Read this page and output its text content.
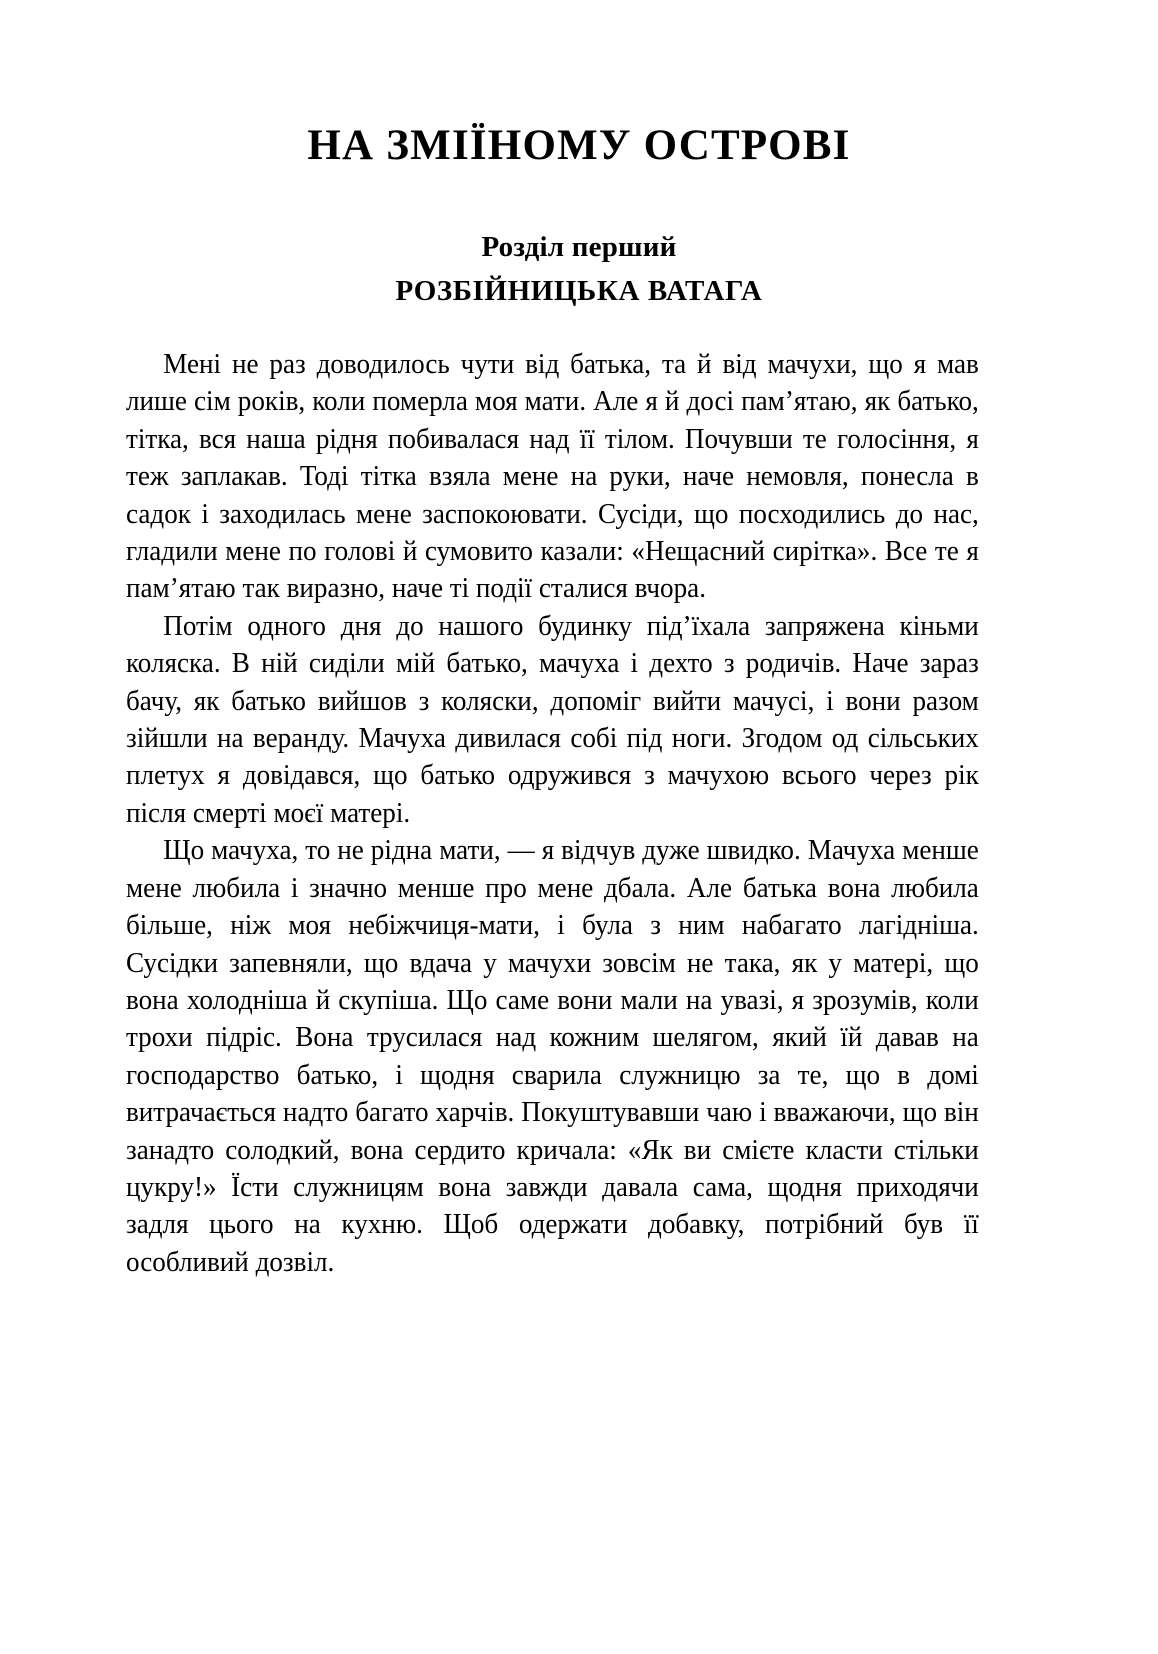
НА ЗМІЇНОМУ ОСТРОВІ
Розділ перший
РОЗБІЙНИЦЬКА ВАТАГА

Мені не раз доводилось чути від батька, та й від мачухи, що я мав лише сім років, коли померла моя мати. Але я й досі пам’ятаю, як батько, тітка, вся наша рідня побивалася над її тілом. Почувши те голосіння, я теж заплакав. Тоді тітка взяла мене на руки, наче немовля, понесла в садок і заходилась мене заспокоювати. Сусіди, що посходились до нас, гладили мене по голові й сумовито казали: «Нещасний сирітка». Все те я пам’ятаю так виразно, наче ті події сталися вчора.

Потім одного дня до нашого будинку під’їхала запряжена кіньми коляска. В ній сиділи мій батько, мачуха і дехто з родичів. Наче зараз бачу, як батько вийшов з коляски, допоміг вийти мачусі, і вони разом зійшли на веранду. Мачуха дивилася собі під ноги. Згодом од сільських плетух я довідався, що батько одружився з мачухою всього через рік після смерті моєї матері.

Що мачуха, то не рідна мати, — я відчув дуже швидко. Мачуха менше мене любила і значно менше про мене дбала. Але батька вона любила більше, ніж моя небіжчиця-мати, і була з ним набагато лагідніша. Сусідки запевняли, що вдача у мачухи зовсім не така, як у матері, що вона холодніша й скупіша. Що саме вони мали на увазі, я зрозумів, коли трохи підріс. Вона трусилася над кожним шелягом, який їй давав на господарство батько, і щодня сварила служницю за те, що в домі витрачається надто багато харчів. Покуштувавши чаю і вважаючи, що він занадто солодкий, вона сердито кричала: «Як ви смієте класти стільки цукру!» Їсти служницям вона завжди давала сама, щодня приходячи задля цього на кухню. Щоб одержати добавку, потрібний був її особливий дозвіл.
